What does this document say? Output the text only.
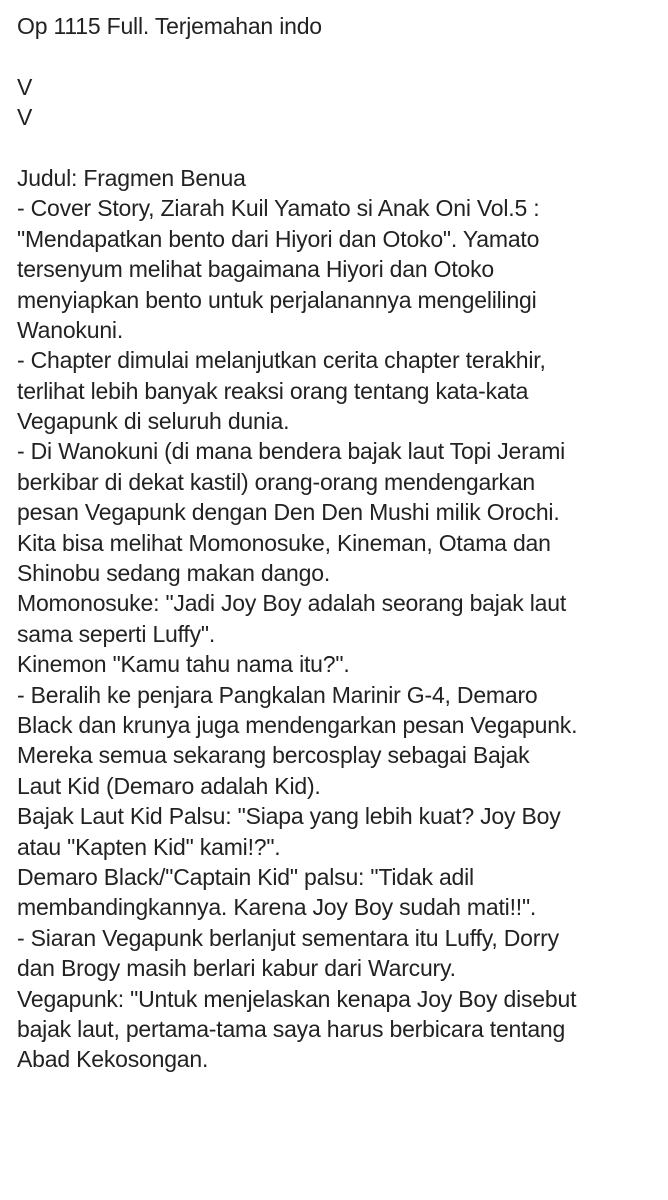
Op 1115 Full. Terjemahan indo
V
V
Judul: Fragmen Benua
- Cover Story, Ziarah Kuil Yamato si Anak Oni Vol.5 :
"Mendapatkan bento dari Hiyori dan Otoko". Yamato
tersenyum melihat bagaimana Hiyori dan Otoko
menyiapkan bento untuk perjalanannya mengelilingi
Wanokuni.
- Chapter dimulai melanjutkan cerita chapter terakhir,
terlihat lebih banyak reaksi orang tentang kata-kata
Vegapunk di seluruh dunia.
- Di Wanokuni (di mana bendera bajak laut Topi Jerami
berkibar di dekat kastil) orang-orang mendengarkan
pesan Vegapunk dengan Den Den Mushi milik Orochi.
Kita bisa melihat Momonosuke, Kineman, Otama dan
Shinobu sedang makan dango.
Momonosuke: "Jadi Joy Boy adalah seorang bajak laut
sama seperti Luffy".
Kinemon "Kamu tahu nama itu?".
- Beralih ke penjara Pangkalan Marinir G-4, Demaro
Black dan krunya juga mendengarkan pesan Vegapunk.
Mereka semua sekarang bercosplay sebagai Bajak
Laut Kid (Demaro adalah Kid).
Bajak Laut Kid Palsu: "Siapa yang lebih kuat? Joy Boy
atau "Kapten Kid" kami!?".
Demaro Black/"Captain Kid" palsu: "Tidak adil
membandingkannya. Karena Joy Boy sudah mati!!".
- Siaran Vegapunk berlanjut sementara itu Luffy, Dorry
dan Brogy masih berlari kabur dari Warcury.
Vegapunk: "Untuk menjelaskan kenapa Joy Boy disebut
bajak laut, pertama-tama saya harus berbicara tentang
Abad Kekosongan.
